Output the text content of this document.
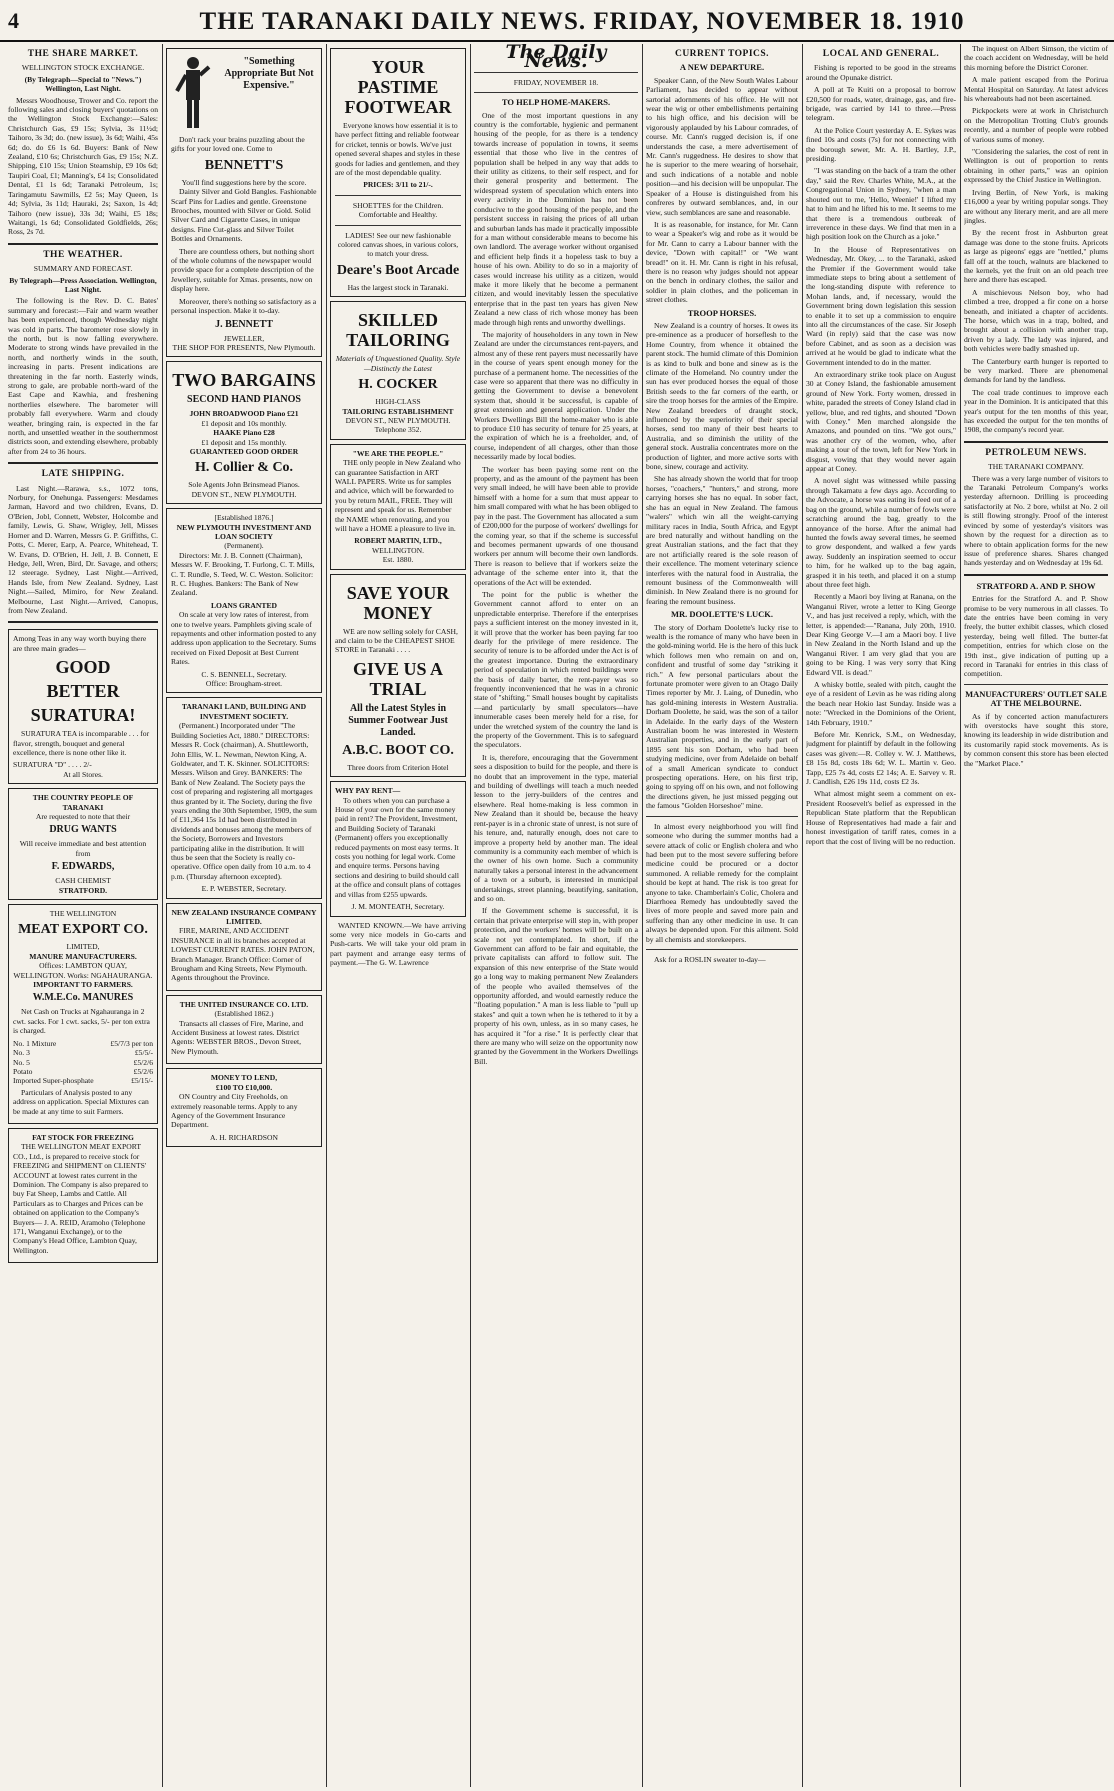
4	THE TARANAKI DAILY NEWS. FRIDAY, NOVEMBER 18. 1910
THE SHARE MARKET.
WELLINGTON STOCK EXCHANGE.
(By Telegraph—Special to "News.") Wellington, Last Night.

Messrs Woodhouse, Trower and Co. report the following sales and closing buyers' quotations on the Wellington Stock Exchange:—Sales: Christchurch Gas, £9 15s; Sylvia, 3s 11½d; Taihoro, 3s 3d; do. (new issue), 3s 6d; Waihi, 45s 6d; do. do £6 1s 6d. Buyers: Bank of New Zealand, £10 6s; Christchurch Gas, £9 15s; N.Z. Shipping, £10 15s; Union Steamship, £9 10s 6d; Taupiri Coal, £1; Manning's, £4 1s; Consolidated Dental, £1 1s 6d; Taranaki Petroleum, 1s; Taringamutu Sawmills, £2 5s; May Queen, 1s 4d; Sylvia, 3s 11d; Hauraki, 2s; Saxon, 1s 4d; Taihoro (new issue), 33s 3d; Waihi, £5 18s; Waitangi, 1s 6d; Consolidated Goldfields, 26s; Ross, 2s 7d.

THE WEATHER.
SUMMARY AND FORECAST.
By Telegraph—Press Association. Wellington, Last Night.

The following is the Rev. D. C. Bates' summary and forecast:—Fair and warm weather has been experienced, though Wednesday night was cold in parts. The barometer rose slowly in the north, but is now falling everywhere. Moderate to strong winds have prevailed in the north, and northerly winds in the south, increasing in parts. Present indications are threatening in the far north. Easterly winds, strong to gale, are probable north-ward of the East Cape and Kawhia, and freshening northerlies elsewhere. The barometer will probably fall everywhere. Warm and cloudy weather, bringing rain, is expected in the far north, and unsettled weather in the southernmost districts soon, and extending elsewhere, probably after from 24 to 36 hours.

LATE SHIPPING.

Last Night.—Rarawa, s.s., 1072 tons, Norbury, for Onehunga. Passengers: Mesdames Jarman, Havord and two children, Evans, D. O'Brien, Jobl, Connett, Webster, Holcombe and family, Lewis, G. Shaw, Wrigley, Jell, Misses Horner and D. Warren, Messrs G. P. Griffiths, C. Potts, C. Merer, Earp, A. Pearce, Whitehead, T. W. Evans, D. O'Brien, H. Jell, J. B. Connett, E Hedge, Jell, Wren, Bird, Dr. Savage, and others; 12 steerage. Sydney, Last Night.—Arrived, Hands Isle, from New Zealand. Sydney, Last Night.—Sailed, Mimiro, for New Zealand. Melbourne, Last Night.—Arrived, Canopus, from New Zealand.

Among Teas in any way worth buying there are three main grades—
GOOD
BETTER
SURATURA!

SURATURA TEA is incomparable . . . for flavor, strength, bouquet and general excellence, there is none other like it.

SURATURA "D" . . . . 2/-
At all Stores.
THE COUNTRY PEOPLE OF TARANAKI
Are requested to note that their
DRUG WANTS
Will receive immediate and best attention from
F. EDWARDS,
CASH CHEMIST
STRATFORD.
THE WELLINGTON
MEAT EXPORT CO.
LIMITED,
MANURE MANUFACTURERS.
Offices: LAMBTON QUAY, WELLINGTON. Works: NGAHAURANGA.
IMPORTANT TO FARMERS.
W.M.E.Co. MANURES

Net Cash on Trucks at Ngahauranga in 2 cwt. sacks. For 1 cwt. sacks, 5/- per ton extra is charged.

No. 1 Mixture	£5/7/3 per ton
No. 3	£5/5/-
No. 5	£5/2/6
Potato	£5/2/6
Imported Super-phosphate	£5/15/-

Particulars of Analysis posted to any address on application. Special Mixtures can be made at any time to suit Farmers.

FAT STOCK FOR FREEZING

THE WELLINGTON MEAT EXPORT CO., Ltd., is prepared to receive stock for FREEZING and SHIPMENT on CLIENTS' ACCOUNT at lowest rates current in the Dominion. The Company is also prepared to buy Fat Sheep, Lambs and Cattle. All Particulars as to Charges and Prices can be obtained on application to the Company's Buyers— J. A. REID, Aramoho (Telephone 171, Wanganui Exchange), or to the Company's Head Office, Lambton Quay, Wellington.

"Something Appropriate But Not Expensive."

Don't rack your brains puzzling about the gifts for your loved one. Come to

BENNETT'S
You'll find suggestions here by the score.

Dainty Silver and Gold Bangles. Fashionable Scarf Pins for Ladies and gentle. Greenstone Brooches, mounted with Silver or Gold. Solid Silver Card and Cigarette Cases, in unique designs. Fine Cut-glass and Silver Toilet Bottles and Ornaments.

There are countless others, but nothing short of the whole columns of the newspaper would provide space for a complete description of the Jewellery, suitable for Xmas. presents, now on display here.

Moreover, there's nothing so satisfactory as a personal inspection. Make it to-day.

J. BENNETT
JEWELLER,
THE SHOP FOR PRESENTS, New Plymouth.
TWO BARGAINS
SECOND HAND PIANOS
JOHN BROADWOOD Piano £21
£1 deposit and 10s monthly.
HAAKE Piano £28
£1 deposit and 15s monthly.
GUARANTEED GOOD ORDER
H. Collier & Co.
Sole Agents John Brinsmead Pianos.
DEVON ST., NEW PLYMOUTH.
[Established 1876.]
NEW PLYMOUTH INVESTMENT AND LOAN SOCIETY
(Permanent).

Directors: Mr. J. B. Connett (Chairman), Messrs W. F. Brooking, T. Furlong, C. T. Mills, C. T. Rundle, S. Teed, W. C. Weston. Solicitor: R. C. Hughes. Bankers: The Bank of New Zealand.

LOANS GRANTED

On scale at very low rates of interest, from one to twelve years. Pamphlets giving scale of repayments and other information posted to any address upon application to the Secretary. Sums received on Fixed Deposit at Best Current Rates.

C. S. BENNELL, Secretary.
Office: Brougham-street.
TARANAKI LAND, BUILDING AND INVESTMENT SOCIETY.

(Permanent.) Incorporated under "The Building Societies Act, 1880." DIRECTORS: Messrs R. Cock (chairman), A. Shuttleworth, John Ellis, W. L. Newman, Newton King, A. Goldwater, and T. K. Skinner. SOLICITORS: Messrs. Wilson and Grey. BANKERS: The Bank of New Zealand. The Society pays the cost of preparing and registering all mortgages thus granted by it. The Society, during the five years ending the 30th September, 1909, the sum of £11,364 15s 1d had been distributed in dividends and bonuses among the members of the Society, Borrowers and Investors participating alike in the distribution. It will thus be seen that the Society is really co-operative. Office open daily from 10 a.m. to 4 p.m. (Thursday afternoon excepted).

E. P. WEBSTER, Secretary.
NEW ZEALAND INSURANCE COMPANY LIMITED.

FIRE, MARINE, AND ACCIDENT INSURANCE in all its branches accepted at LOWEST CURRENT RATES. JOHN PATON, Branch Manager. Branch Office: Corner of Brougham and King Streets, New Plymouth. Agents throughout the Province.

THE UNITED INSURANCE CO. LTD.
(Established 1862.)

Transacts all classes of Fire, Marine, and Accident Business at lowest rates. District Agents: WEBSTER BROS., Devon Street, New Plymouth.

MONEY TO LEND,
£100 TO £10,000.

ON Country and City Freeholds, on extremely reasonable terms. Apply to any Agency of the Government Insurance Department.

A. H. RICHARDSON
YOUR PASTIME FOOTWEAR

Everyone knows how essential it is to have perfect fitting and reliable footwear for cricket, tennis or bowls. We've just opened several shapes and styles in these goods for ladies and gentlemen, and they are of the most dependable quality.

PRICES: 3/11 to 21/-.
SHOETTES for the Children. Comfortable and Healthy.
LADIES! See our new fashionable colored canvas shoes, in various colors, to match your dress.
Deare's Boot Arcade
Has the largest stock in Taranaki.
SKILLED TAILORING
Materials of Unquestioned Quality. Style—Distinctly the Latest
H. COCKER
HIGH-CLASS
TAILORING ESTABLISHMENT
DEVON ST., NEW PLYMOUTH.
Telephone 352.
"WE ARE THE PEOPLE."

THE only people in New Zealand who can guarantee Satisfaction in ART WALL PAPERS. Write us for samples and advice, which will be forwarded to you by return MAIL, FREE. They will represent and speak for us. Remember the NAME when renovating, and you will have a HOME a pleasure to live in.

ROBERT MARTIN, LTD.,
WELLINGTON.
Est. 1880.
SAVE YOUR MONEY

WE are now selling solely for CASH, and claim to be the CHEAPEST SHOE STORE in Taranaki . . . .

GIVE US A TRIAL
All the Latest Styles in Summer Footwear Just Landed.
A.B.C. BOOT CO.
Three doors from Criterion Hotel
WHY PAY RENT—

To others when you can purchase a House of your own for the same money paid in rent? The Provident, Investment, and Building Society of Taranaki (Permanent) offers you exceptionally reduced payments on most easy terms. It costs you nothing for legal work. Come and enquire terms. Persons having sections and desiring to build should call at the office and consult plans of cottages and villas from £255 upwards.

J. M. MONTEATH, Secretary.

WANTED KNOWN.—We have arriving some very nice models in Go-carts and Push-carts. We will take your old pram in part payment and arrange easy terms of payment.—The G. W. Lawrence

The Daily News.
FRIDAY, NOVEMBER 18.
TO HELP HOME-MAKERS.

One of the most important questions in any country is the comfortable, hygienic and permanent housing of the people, for as there is a tendency towards increase of population in towns, it seems essential that those who live in the centres of population shall be helped in any way that adds to their utility as citizens, to their self respect, and for their general prosperity and betterment. The widespread system of speculation which enters into every activity in the Dominion has not been conducive to the good housing of the people, and the persistent success in raising the prices of all urban and suburban lands has made it practically impossible for a man without considerable means to become his own landlord. The average worker without organised and efficient help finds it a hopeless task to buy a house of his own. Ability to do so in a majority of cases would increase his utility as a citizen, would make it more likely that he become a permanent citizen, and would inevitably lessen the speculative enterprise that in the past ten years has given New Zealand a new class of rich whose money has been made through high rents and unworthy dwellings.

The majority of householders in any town in New Zealand are under the circumstances rent-payers, and almost any of these rent payers must necessarily have in the course of years spent enough money for the purchase of a permanent home. The necessities of the case were so apparent that there was no difficulty in getting the Government to devise a benevolent system that, should it be successful, is capable of great extension and general application. Under the Workers Dwellings Bill the home-maker who is able to produce £10 has security of tenure for 25 years, at the expiration of which he is a freeholder, and, of course, independent of all charges, other than those necessarily made by local bodies.

The worker has been paying some rent on the property, and as the amount of the payment has been very small indeed, he will have been able to provide himself with a home for a sum that must appear to him small compared with what he has been obliged to pay in the past. The Government has allocated a sum of £200,000 for the purpose of workers' dwellings for the coming year, so that if the scheme is successful and becomes permanent upwards of one thousand workers per annum will become their own landlords. There is reason to believe that if workers seize the advantage of the scheme enter into it, that the operations of the Act will be extended.

The point for the public is whether the Government cannot afford to enter on an unpredictable enterprise. Therefore if the enterprises pays a sufficient interest on the money invested in it, it will prove that the worker has been paying far too dearly for the privilege of mere residence. The security of tenure is to be afforded under the Act is of the greatest importance. During the extraordinary period of speculation in which rented buildings were the basis of daily barter, the rent-payer was so frequently inconvenienced that he was in a chronic state of "shifting." Small houses bought by capitalists—and particularly by small speculators—have innumerable cases been merely held for a rise, for under the wretched system of the country the land is the property of the Government. This is to safeguard the speculators.

It is, therefore, encouraging that the Government sees a disposition to build for the people, and there is no doubt that an improvement in the type, material and building of dwellings will teach a much needed lesson to the jerry-builders of the centres and elsewhere. Real home-making is less common in New Zealand than it should be, because the heavy rent-payer is in a chronic state of unrest, is not sure of his tenure, and, naturally enough, does not care to improve a property held by another man. The ideal community is a community each member of which is the owner of his own home. Such a community naturally takes a personal interest in the advancement of a town or a suburb, is interested in municipal undertakings, street planning, beautifying, sanitation, and so on.

If the Government scheme is successful, it is certain that private enterprise will step in, with proper protection, and the workers' homes will be built on a scale not yet contemplated. In short, if the Government can afford to be fair and equitable, the private capitalists can afford to follow suit. The expansion of this new enterprise of the State would go a long way to making permanent New Zealanders of the people who availed themselves of the opportunity afforded, and would earnestly reduce the "floating population." A man is less liable to "pull up stakes" and quit a town when he is tethered to it by a property of his own, unless, as in so many cases, he has acquired it "for a rise." It is perfectly clear that there are many who will seize on the opportunity now granted by the Government in the Workers Dwellings Bill.

CURRENT TOPICS.
A NEW DEPARTURE.

Speaker Cann, of the New South Wales Labour Parliament, has decided to appear without sartorial adornments of his office. He will not wear the wig or other embellishments pertaining to his high office, and his decision will be vigorously applauded by his Labour comrades, of course. Mr. Cann's rugged decision is, if one understands the case, a mere advertisement of Mr. Cann's ruggedness. He desires to show that he is superior to the mere wearing of horsehair, and such indications of a notable and noble position—and his decision will be unpopular. The Speaker of a House is distinguished from his confreres by outward semblances, and, in our view, such semblances are sane and reasonable.

It is as reasonable, for instance, for Mr. Cann to wear a Speaker's wig and robe as it would be for Mr. Cann to carry a Labour banner with the device, "Down with capital!" or "We want bread!" on it. H. Mr. Cann is right in his refusal, there is no reason why judges should not appear on the bench in ordinary clothes, the sailor and soldier in plain clothes, and the policeman in street clothes.

TROOP HORSES.

New Zealand is a country of horses. It owes its pre-eminence as a producer of horseflesh to the Home Country, from whence it obtained the parent stock. The humid climate of this Dominion is as kind to bulk and bone and sinew as is the climate of the Homeland. No country under the sun has ever produced horses the equal of those British seeds to the far corners of the earth, or sire the troop horses for the armies of the Empire. New Zealand breeders of draught stock, influenced by the superiority of their special horses, send too many of their best hearts to Australia, and so diminish the utility of the general stock. Australia concentrates more on the production of lighter, and more active sorts with bone, sinew, courage and activity.

She has already shown the world that for troop horses, "coachers," "hunters," and strong, more carrying horses she has no equal. In sober fact, she has an equal in New Zealand. The famous "walers" which win all the weight-carrying military races in India, South Africa, and Egypt are bred naturally and without handling on the great Australian stations, and the fact that they are not artificially reared is the sole reason of their excellence. The moment veterinary science interferes with the natural food in Australia, the remount business of the Commonwealth will diminish. In New Zealand there is no ground for fearing the remount business.

MR. DOOLETTE'S LUCK.

The story of Dorham Doolette's lucky rise to wealth is the romance of many who have been in the gold-mining world. He is the hero of this luck which follows men who remain on and on, confident and trustful of some day "striking it rich." A few personal particulars about the fortunate promoter were given to an Otago Daily Times reporter by Mr. J. Laing, of Dunedin, who has gold-mining interests in Western Australia. Dorham Doolette, he said, was the son of a tailor in Adelaide. In the early days of the Western Australian boom he was interested in Western Australian properties, and in the early part of 1895 sent his son Dorham, who had been studying medicine, over from Adelaide on behalf of a small American syndicate to conduct prospecting operations. Here, on his first trip, going to spying off on his own, and not following the directions given, he just missed pegging out the famous "Golden Horseshoe" mine.

In almost every neighborhood you will find someone who during the summer months had a severe attack of colic or English cholera and who had been put to the most severe suffering before medicine could be procured or a doctor summoned. A reliable remedy for the complaint should be kept at hand. The risk is too great for anyone to take. Chamberlain's Colic, Cholera and Diarrhoea Remedy has undoubtedly saved the lives of more people and saved more pain and suffering than any other medicine in use. It can always be depended upon. For this ailment. Sold by all chemists and storekeepers.

Ask for a ROSLIN sweater to-day—

LOCAL AND GENERAL.

Fishing is reported to be good in the streams around the Opunake district.

A poll at Te Kuiti on a proposal to borrow £20,500 for roads, water, drainage, gas, and fire-brigade, was carried by 141 to three.—Press telegram.

At the Police Court yesterday A. E. Sykes was fined 10s and costs (7s) for not connecting with the borough sewer, Mr. A. H. Bartley, J.P., presiding.

"I was standing on the back of a tram the other day," said the Rev. Charles White, M.A., at the Congregational Union in Sydney, "when a man shouted out to me, 'Hello, Weenie!' I lifted my hat to him and he lifted his to me. It seems to me that there is a tremendous outbreak of irreverence in these days. We find that men in a high position look on the Church as a joke."

In the House of Representatives on Wednesday, Mr. Okey, ... to the Taranaki, asked the Premier if the Government would take immediate steps to bring about a settlement of the long-standing dispute with reference to Mohan lands, and, if necessary, would the Government bring down legislation this session to enable it to set up a commission to enquire into all the circumstances of the case. Sir Joseph Ward (in reply) said that the case was now before Cabinet, and as soon as a decision was arrived at he would be glad to indicate what the Government intended to do in the matter.

An extraordinary strike took place on August 30 at Coney Island, the fashionable amusement ground of New York. Forty women, dressed in white, paraded the streets of Coney Island clad in yellow, blue, and red tights, and shouted "Down with Coney." Men marched alongside the Amazons, and pounded on tins. "We got ours," was another cry of the women, who, after making a tour of the town, left for New York in disgust, vowing that they would never again appear at Coney.

A novel sight was witnessed while passing through Takamatu a few days ago. According to the Advocate, a horse was eating its feed out of a bag on the ground, while a number of fowls were scratching around the bag, greatly to the annoyance of the horse. After the animal had hunted the fowls away several times, he seemed to grow despondent, and walked a few yards away. Suddenly an inspiration seemed to occur to him, for he walked up to the bag again, grasped it in his teeth, and placed it on a stump about three feet high.

Recently a Maori boy living at Ranana, on the Wanganui River, wrote a letter to King George V., and has just received a reply, which, with the letter, is appended:—"Ranana, July 20th, 1910. Dear King George V.—I am a Maori boy. I live in New Zealand in the North Island and up the Wanganui River. I am very glad that you are going to be King. I was very sorry that King Edward VII. is dead."

A whisky bottle, sealed with pitch, caught the eye of a resident of Levin as he was riding along the beach near Hokio last Sunday. Inside was a note: "Wrecked in the Dominions of the Orient, 14th February, 1910."

Before Mr. Kenrick, S.M., on Wednesday, judgment for plaintiff by default in the following cases was given:—R. Colley v. W. J. Matthews, £8 15s 8d, costs 18s 6d; W. L. Martin v. Geo. Tapp, £25 7s 4d, costs £2 14s; A. E. Sarvey v. R. J. Candlish, £26 19s 11d, costs £2 3s.

What almost might seem a comment on ex-President Roosevelt's belief as expressed in the Republican State platform that the Republican House of Representatives had made a fair and honest investigation of tariff rates, comes in a report that the cost of living will be no reduction.

The inquest on Albert Simson, the victim of the coach accident on Wednesday, will be held this morning before the District Coroner.

A male patient escaped from the Porirua Mental Hospital on Saturday. At latest advices his whereabouts had not been ascertained.

Pickpockets were at work in Christchurch on the Metropolitan Trotting Club's grounds recently, and a number of people were robbed of various sums of money.

"Considering the salaries, the cost of rent in Wellington is out of proportion to rents obtaining in other parts," was an opinion expressed by the Chief Justice in Wellington.

Irving Berlin, of New York, is making £16,000 a year by writing popular songs. They are without any literary merit, and are all mere jingles.

By the recent frost in Ashburton great damage was done to the stone fruits. Apricots as large as pigeons' eggs are "nettled," plums fall off at the touch, walnuts are blackened to the kernels, yet the fruit on an old peach tree here and there has escaped.

A mischievous Nelson boy, who had climbed a tree, dropped a fir cone on a horse beneath, and initiated a chapter of accidents. The horse, which was in a trap, bolted, and brought about a collision with another trap, driven by a lady. The lady was injured, and both vehicles were badly smashed up.

The Canterbury earth hunger is reported to be very marked. There are phenomenal demands for land by the landless.

The coal trade continues to improve each year in the Dominion. It is anticipated that this year's output for the ten months of this year, has exceeded the output for the ten months of 1908, the company's record year.

PETROLEUM NEWS.
THE TARANAKI COMPANY.

There was a very large number of visitors to the Taranaki Petroleum Company's works yesterday afternoon. Drilling is proceeding satisfactorily at No. 2 bore, whilst at No. 2 oil is still flowing strongly. Proof of the interest evinced by some of yesterday's visitors was shown by the request for a direction as to where to obtain application forms for the new issue of preference shares. Shares changed hands yesterday and on Wednesday at 19s 6d.

STRATFORD A. AND P. SHOW

Entries for the Stratford A. and P. Show promise to be very numerous in all classes. To date the entries have been coming in very freely, the butter exhibit classes, which closed yesterday, being well filled. The butter-fat competition, entries for which close on the 19th inst., give indication of putting up a record in Taranaki for entries in this class of competition.

MANUFACTURERS' OUTLET SALE AT THE MELBOURNE.

As if by concerted action manufacturers with overstocks have sought this store, knowing its leadership in wide distribution and its customarily rapid stock movements. As is by common consent this store has been elected the "Market Place."
